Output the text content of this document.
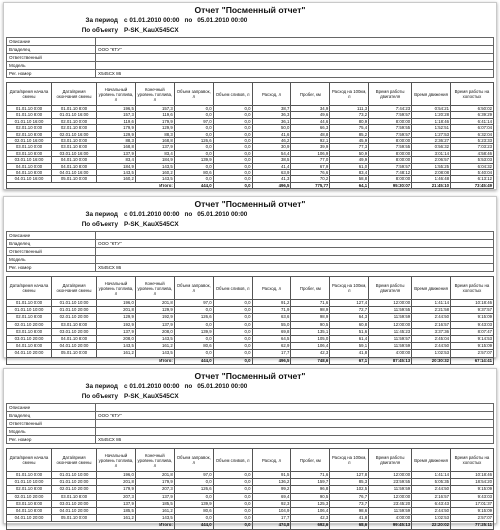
Отчет "Посменный отчет"
За период с 01.01.2010 00:00 по 05.01.2010 00:00
По объекту P-SK_KauX545CX
Описание	
Владелец	ООО "КТУ"
Ответственный	
Модель	
Рег. номер	Х545СХ 86
Дата/время начала смены	Дата/время окончания смены	Начальный уровень топлива, л	Конечный уровень топлива, л	Объем заправок, л	Объем сливов, л	Расход, л	Пробег, км	Расход на 100км, л	Время работы двигателя	Время движения	Время работы на холостых
01.01.10 0:00	01.01.10 8:00	196,5	157,3	0,0	0,0	38,7	34,9	111,3	7:44:23	0:54:21	6:50:02
01.01.10 8:00	01.01.10 16:00	157,3	119,6	0,0	0,0	36,3	49,6	73,2	7:59:57	1:20:28	6:39:29
01.01.10 16:00	02.01.10 0:00	119,6	179,9	97,0	0,0	36,1	44,6	80,9	8:00:00	1:18:46	6:41:14
02.01.10 0:00	02.01.10 8:00	179,9	129,9	0,0	0,0	50,0	66,3	75,4	7:59:55	1:52:51	6:07:04
02.01.10 8:00	02.01.10 16:00	129,9	88,3	0,0	0,0	41,6	48,8	85,2	7:59:57	1:27:53	6:32:04
02.01.10 16:00	03.01.10 0:00	88,3	168,8	126,6	0,0	46,2	92,1	45,9	8:00:00	2:36:27	5:23:33
03.01.10 0:00	03.01.10 8:00	168,8	137,9	0,0	0,0	30,9	39,9	77,3	7:59:55	0:56:32	7:03:23
03.01.10 8:00	03.01.10 16:00	137,9	83,4	0,0	0,0	54,4	106,9	50,9	8:00:00	3:01:14	4:58:46
03.01.10 16:00	04.01.10 0:00	83,4	184,9	139,9	0,0	38,5	77,0	49,9	8:00:00	2:06:57	5:53:03
04.01.10 0:00	04.01.10 8:00	184,9	143,5	0,0	0,0	41,4	67,9	61,0	7:59:57	1:55:25	6:04:32
04.01.10 8:00	04.01.10 16:00	143,5	160,2	80,6	0,0	63,9	76,6	83,4	7:48:12	2:08:08	5:40:04
04.01.10 16:00	05.01.10 0:00	160,2	143,5	0,0	0,0	41,3	70,2	58,8	8:00:00	1:46:48	6:13:12
Итого:				444,0	0,0	496,5	775,77	64,1	95:30:07	21:45:10	73:45:49
Отчет "Посменный отчет"
За период с 01.01.2010 00:00 по 05.01.2010 00:00
По объекту P-SK_KauX545CX
Описание	
Владелец	ООО "КТУ"
Ответственный	
Модель	
Рег. номер	Х545СХ 86
Дата/время начала смены	Дата/время окончания смены	Начальный уровень топлива, л	Конечный уровень топлива, л	Объем заправок, л	Объем сливов, л	Расход, л	Пробег, км	Расход на 100км, л	Время работы двигателя	Время движения	Время работы на холостых
01.01.10 0:00	01.01.10 10:00	196,0	201,8	97,0	0,0	91,2	71,6	127,4	12:00:00	1:41:14	10:18:46
01.01.10 10:00	01.01.10 20:00	201,8	129,9	0,0	0,0	71,9	98,9	72,7	11:59:55	2:21:58	9:37:57
02.01.10 8:00	02.01.10 20:00	129,9	192,9	126,6	0,0	63,6	98,9	64,3	11:59:59	2:44:50	9:15:09
02.01.10 20:00	03.01.10 8:00	192,9	137,9	0,0	0,0	55,0	90,5	60,8	12:00:00	2:16:57	9:43:03
03.01.10 8:00	03.01.10 20:00	137,9	208,0	139,9	0,0	69,8	135,1	51,6	11:45:23	3:37:36	8:07:47
03.01.10 20:00	04.01.10 8:00	208,0	143,5	0,0	0,0	64,5	105,0	61,4	11:59:57	2:45:04	9:14:53
04.01.10 8:00	04.01.10 20:00	143,5	161,2	80,6	0,0	62,9	106,4	59,1	11:59:59	2:44:50	9:15:09
04.01.10 20:00	05.01.10 0:00	161,2	143,5	0,0	0,0	17,7	42,3	41,8	4:00:00	1:02:53	2:57:07
Итого:				444,0	0,0	496,5	748,6	67,1	87:45:13	20:30:32	67:14:41
Отчет "Посменный отчет"
За период с 01.01.2010 00:00 по 05.01.2010 00:00
По объекту P-SK_KauX545CX
Описание	
Владелец	ООО "КТУ"
Ответственный	
Модель	
Рег. номер	Х545СХ 86
Дата/время начала смены	Дата/время окончания смены	Начальный уровень топлива, л	Конечный уровень топлива, л	Объем заправок, л	Объем сливов, л	Расход, л	Пробег, км	Расход на 100км, л	Время работы двигателя	Время движения	Время работы на холостых
01.01.10 0:00	01.01.10 10:00	196,0	201,8	97,0	0,0	91,5	71,6	127,8	12:00:00	1:41:14	10:18:46
01.01.10 10:00	01.01.10 20:00	201,8	179,9	0,0	0,0	136,2	159,7	85,3	23:59:55	5:05:35	18:54:20
02.01.10 8:00	02.01.10 20:00	179,9	207,3	126,6	0,0	99,2	96,8	102,5	11:59:59	2:44:50	9:15:09
02.01.10 20:00	03.01.10 8:00	207,3	137,9	0,0	0,0	69,4	90,5	76,7	12:00:00	2:16:57	9:43:03
03.01.10 8:00	03.01.10 20:00	137,9	185,5	139,9	0,0	92,3	125,3	73,7	23:45:20	6:43:43	17:01:37
04.01.10 8:00	04.01.10 20:00	185,5	161,2	80,6	0,0	104,9	106,4	98,6	11:59:59	2:44:50	9:15:09
04.01.10 20:00	05.01.10 0:00	161,2	143,5	0,0	0,0	17,7	42,3	41,8	4:00:00	1:02:53	2:57:07
Итого:				444,0	0,0	474,8	692,6	68,6	99:45:13	22:20:02	77:25:11
